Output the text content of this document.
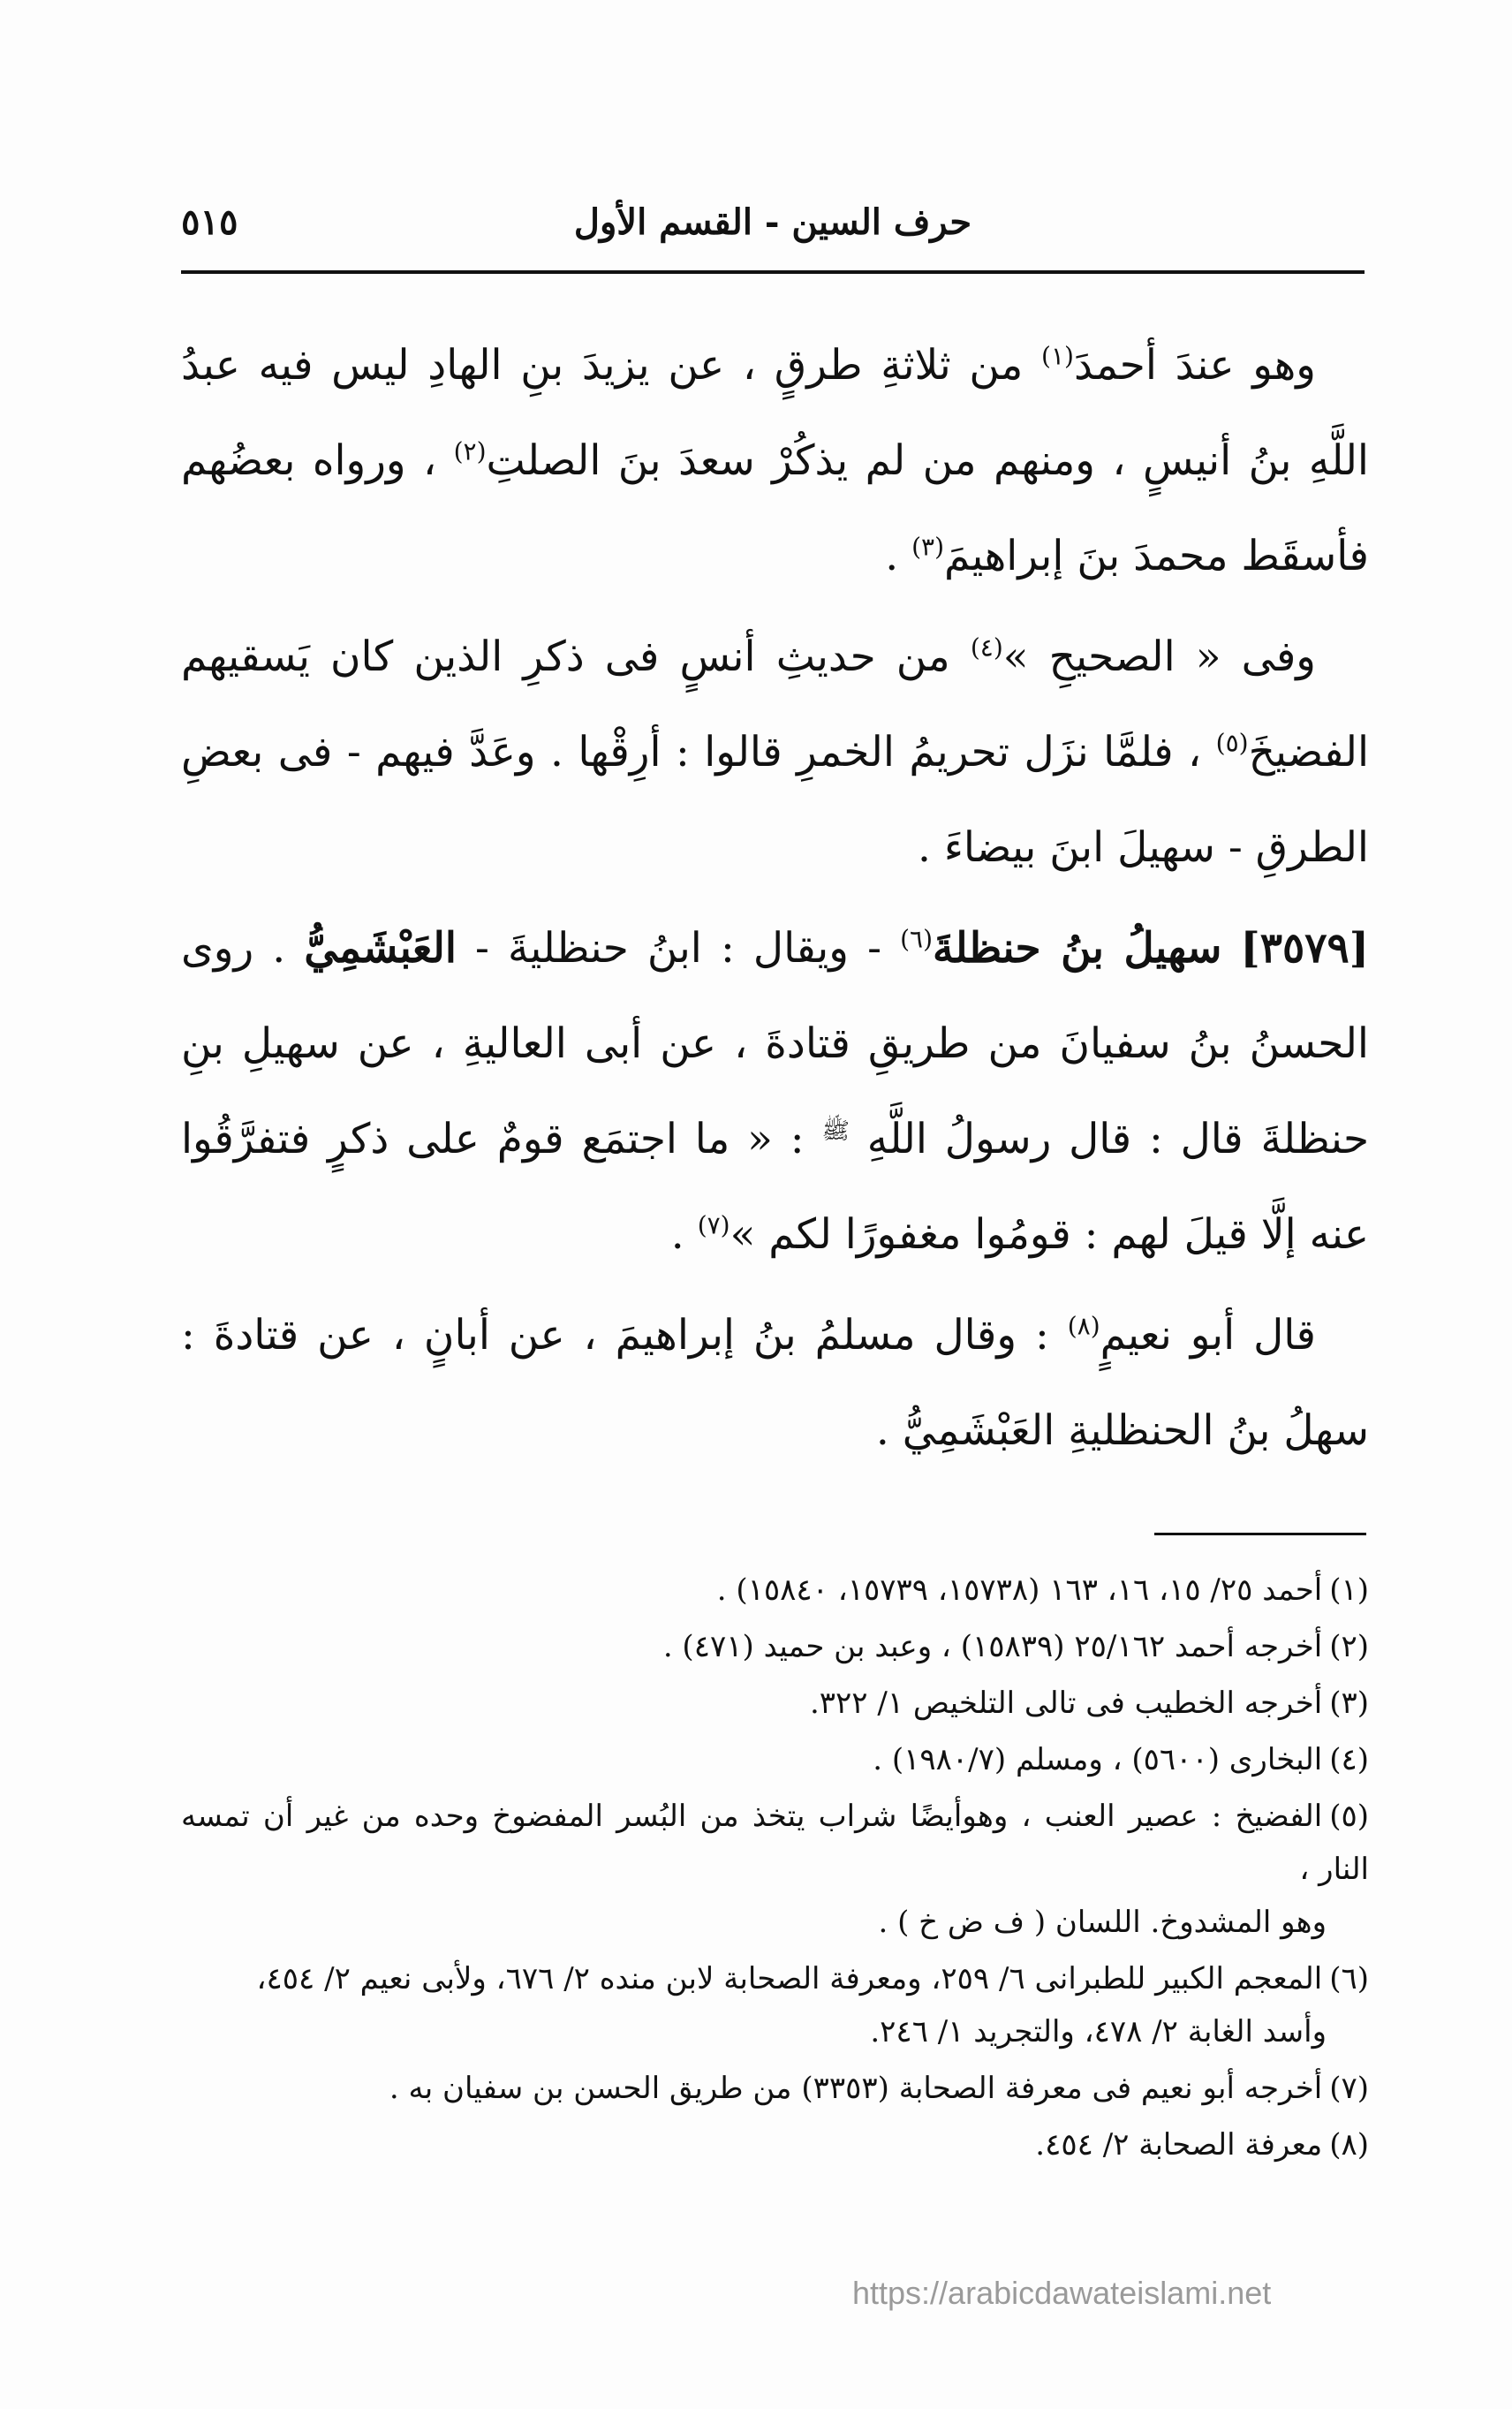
حرف السين - القسم الأول
٥١٥

وهو عندَ أحمدَ$^{(١)}$ من ثلاثةِ طرقٍ ، عن يزيدَ بنِ الهادِ ليس فيه عبدُ اللَّهِ بنُ أنيسٍ ، ومنهم من لم يذكُرْ سعدَ بنَ الصلتِ$^{(٢)}$ ، ورواه بعضُهم فأسقَط محمدَ بنَ إبراهيمَ$^{(٣)}$ .

وفى « الصحيحِ »$^{(٤)}$ من حديثِ أنسٍ فى ذكرِ الذين كان يَسقيهم الفضيخَ$^{(٥)}$ ، فلمَّا نزَل تحريمُ الخمرِ قالوا : أرِقْها . وعَدَّ فيهم - فى بعضِ الطرقِ - سهيلَ ابنَ بيضاءَ .

[٣٥٧٩] سهيلُ بنُ حنظلةَ$^{(٦)}$ - ويقال : ابنُ حنظليةَ - العَبْشَمِيُّ . روى الحسنُ بنُ سفيانَ من طريقِ قتادةَ ، عن أبى العاليةِ ، عن سهيلِ بنِ حنظلةَ قال : قال رسولُ اللَّهِ $^ﷺ$ : « ما اجتمَع قومٌ على ذكرٍ فتفرَّقُوا عنه إلَّا قيلَ لهم : قومُوا مغفورًا لكم »$^{(٧)}$ .

قال أبو نعيمٍ$^{(٨)}$ : وقال مسلمُ بنُ إبراهيمَ ، عن أبانٍ ، عن قتادةَ : سهلُ بنُ الحنظليةِ العَبْشَمِيُّ .

(١)أحمد ٢٥/ ١٥، ١٦، ١٦٣ (١٥٧٣٨، ١٥٧٣٩، ١٥٨٤٠) .

(٢)أخرجه أحمد ٢٥/١٦٢ (١٥٨٣٩) ، وعبد بن حميد (٤٧١) .

(٣)أخرجه الخطيب فى تالى التلخيص ١/ ٣٢٢.

(٤)البخارى (٥٦٠٠) ، ومسلم (١٩٨٠/٧) .

(٥)الفضيخ : عصير العنب ، وهوأيضًا شراب يتخذ من البُسر المفضوخ وحده من غير أن تمسه النار ،
وهو المشدوخ. اللسان ( ف ض خ ) .

(٦)المعجم الكبير للطبرانى ٦/ ٢٥٩، ومعرفة الصحابة لابن منده ٢/ ٦٧٦، ولأبى نعيم ٢/ ٤٥٤،
وأسد الغابة ٢/ ٤٧٨، والتجريد ١/ ٢٤٦.

(٧)أخرجه أبو نعيم فى معرفة الصحابة (٣٣٥٣) من طريق الحسن بن سفيان به .

(٨)معرفة الصحابة ٢/ ٤٥٤.

https://arabicdawateislami.net
